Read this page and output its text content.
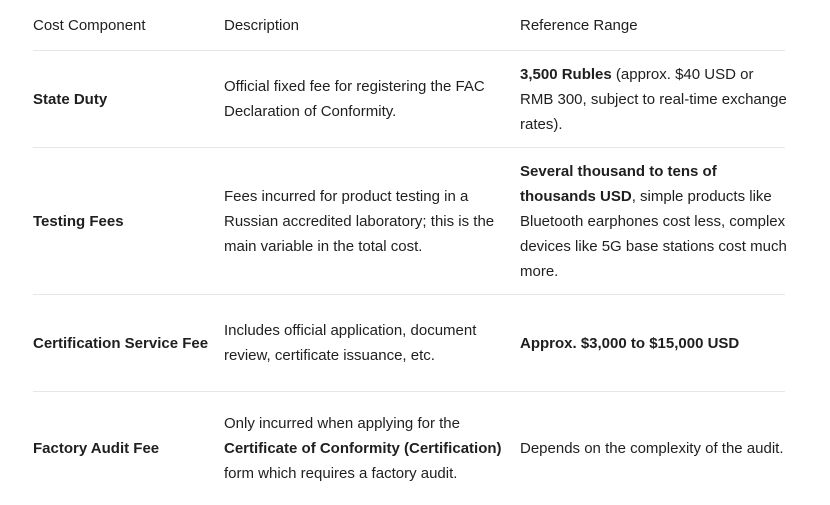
Cost Component	Description	Reference Range
State Duty
Official fixed fee for registering the FAC Declaration of Conformity.
3,500 Rubles (approx. $40 USD or RMB 300, subject to real-time exchange rates).
Testing Fees
Fees incurred for product testing in a Russian accredited laboratory; this is the main variable in the total cost.
Several thousand to tens of thousands USD, simple products like Bluetooth earphones cost less, complex devices like 5G base stations cost much more.
Certification Service Fee
Includes official application, document review, certificate issuance, etc.
Approx. $3,000 to $15,000 USD
Factory Audit Fee
Only incurred when applying for the Certificate of Conformity (Certification) form which requires a factory audit.
Depends on the complexity of the audit.
